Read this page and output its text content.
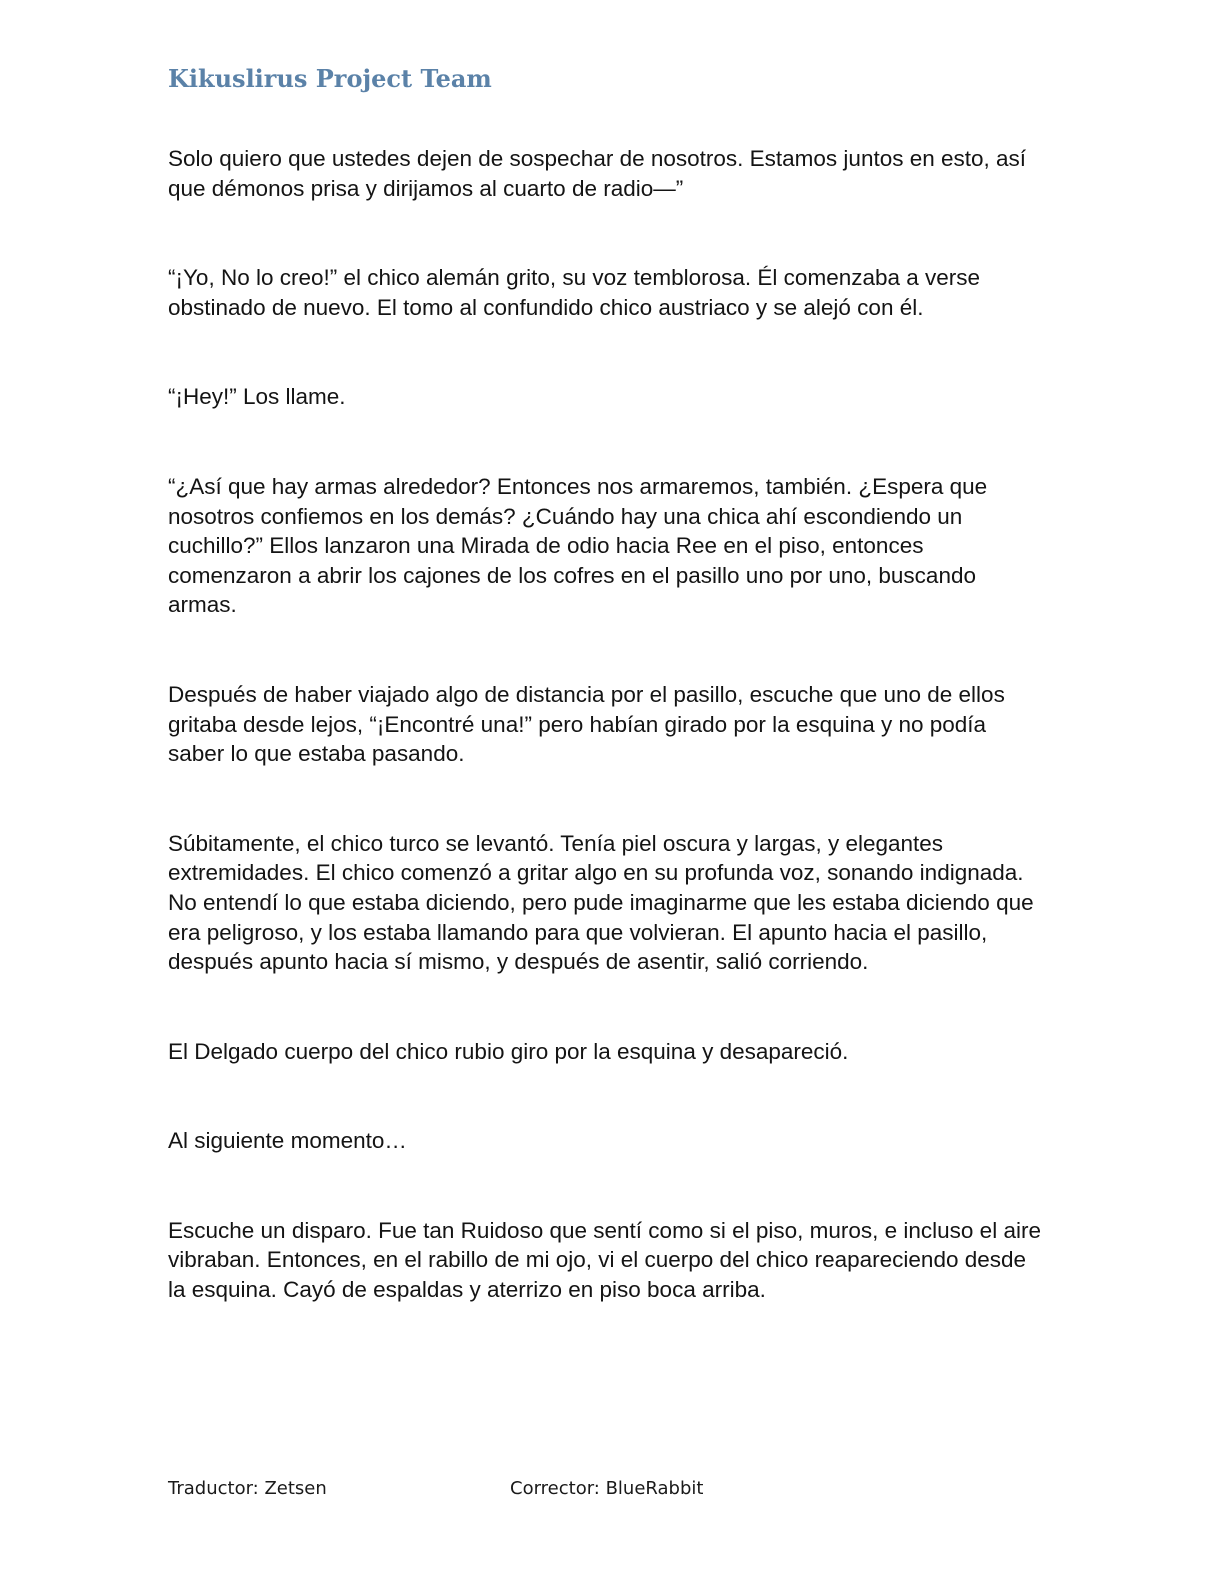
Kikuslirus Project Team

Solo quiero que ustedes dejen de sospechar de nosotros. Estamos juntos en esto, así que démonos prisa y dirijamos al cuarto de radio—”

“¡Yo, No lo creo!” el chico alemán grito, su voz temblorosa. Él comenzaba a verse obstinado de nuevo. El tomo al confundido chico austriaco y se alejó con él.

“¡Hey!” Los llame.

“¿Así que hay armas alrededor? Entonces nos armaremos, también. ¿Espera que nosotros confiemos en los demás? ¿Cuándo hay una chica ahí escondiendo un cuchillo?” Ellos lanzaron una Mirada de odio hacia Ree en el piso, entonces comenzaron a abrir los cajones de los cofres en el pasillo uno por uno, buscando armas.

Después de haber viajado algo de distancia por el pasillo, escuche que uno de ellos gritaba desde lejos, “¡Encontré una!” pero habían girado por la esquina y no podía saber lo que estaba pasando.

Súbitamente, el chico turco se levantó. Tenía piel oscura y largas, y elegantes extremidades. El chico comenzó a gritar algo en su profunda voz, sonando indignada. No entendí lo que estaba diciendo, pero pude imaginarme que les estaba diciendo que era peligroso, y los estaba llamando para que volvieran. El apunto hacia el pasillo, después apunto hacia sí mismo, y después de asentir, salió corriendo.

El Delgado cuerpo del chico rubio giro por la esquina y desapareció.

Al siguiente momento…

Escuche un disparo. Fue tan Ruidoso que sentí como si el piso, muros, e incluso el aire vibraban. Entonces, en el rabillo de mi ojo, vi el cuerpo del chico reapareciendo desde la esquina. Cayó de espaldas y aterrizo en piso boca arriba.

Traductor: Zetsen	Corrector: BlueRabbit
